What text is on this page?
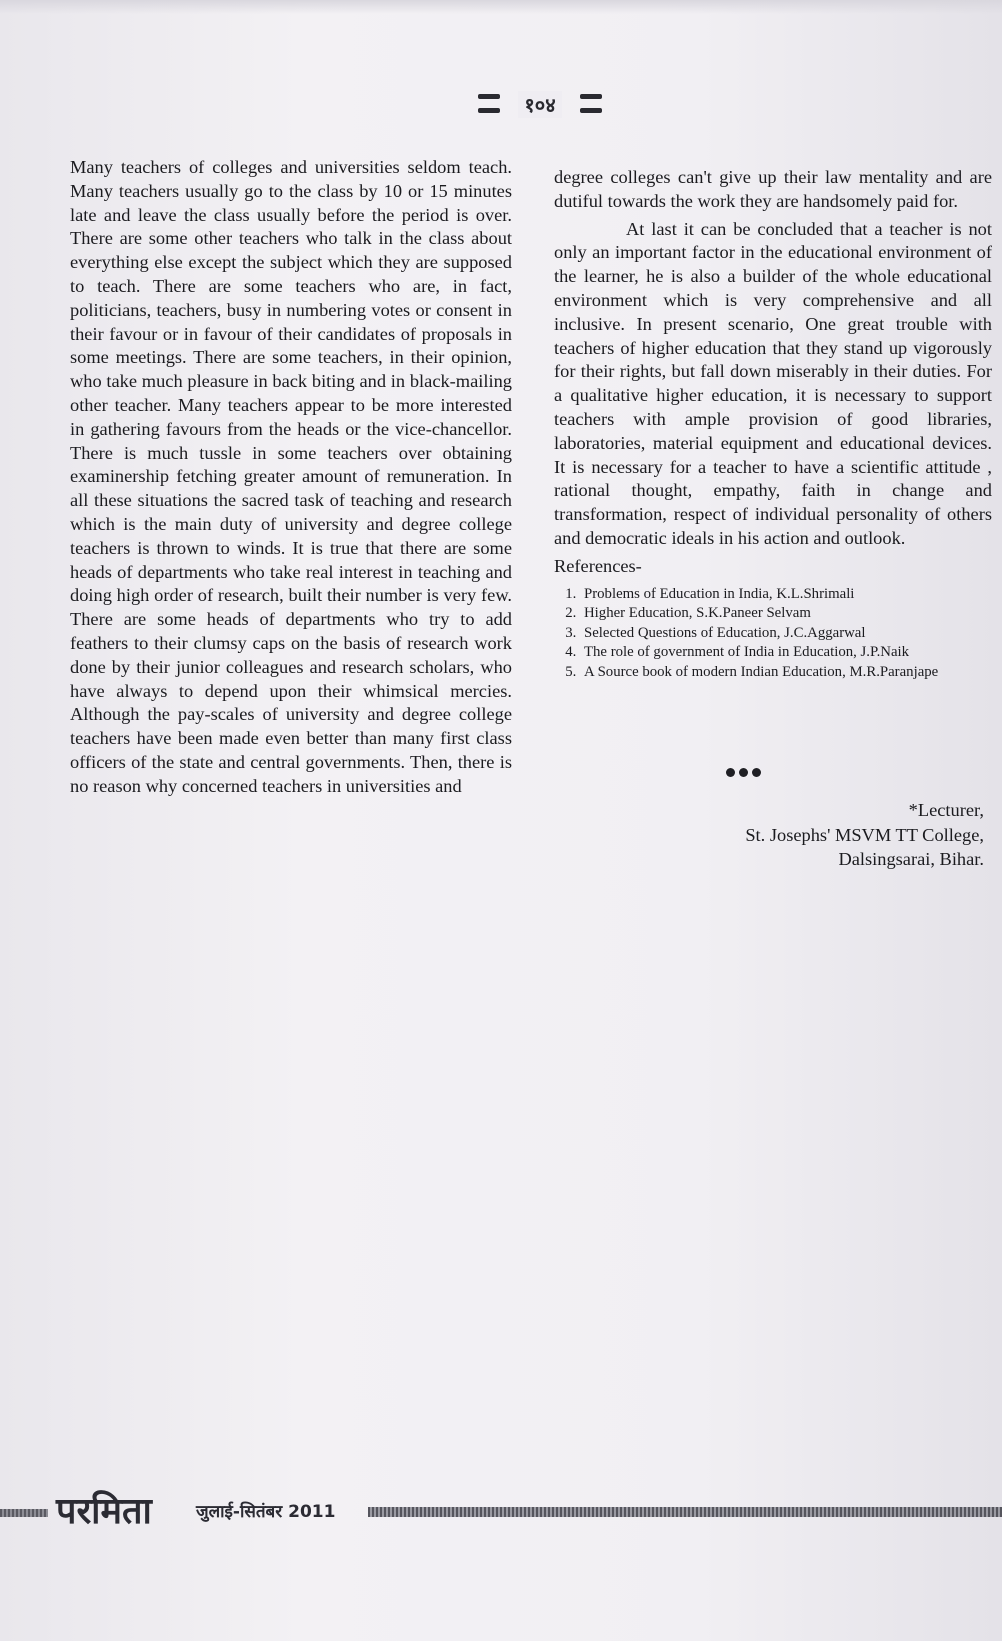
१०४

Many teachers of colleges and universities seldom teach. Many teachers usually go to the class by 10 or 15 minutes late and leave the class usually before the period is over. There are some other teachers who talk in the class about everything else except the subject which they are supposed to teach. There are some teachers who are, in fact, politicians, teachers, busy in numbering votes or consent in their favour or in favour of their candidates of proposals in some meetings. There are some teachers, in their opinion, who take much pleasure in back biting and in black-mailing other teacher. Many teachers appear to be more interested in gathering favours from the heads or the vice-chancellor. There is much tussle in some teachers over obtaining examinership fetching greater amount of remuneration. In all these situations the sacred task of teaching and research which is the main duty of university and degree college teachers is thrown to winds. It is true that there are some heads of departments who take real interest in teaching and doing high order of research, built their number is very few. There are some heads of departments who try to add feathers to their clumsy caps on the basis of research work done by their junior colleagues and research scholars, who have always to depend upon their whimsical mercies. Although the pay-scales of university and degree college teachers have been made even better than many first class officers of the state and central governments. Then, there is no reason why concerned teachers in universities and

degree colleges can't give up their law mentality and are dutiful towards the work they are handsomely paid for.

At last it can be concluded that a teacher is not only an important factor in the educational environment of the learner, he is also a builder of the whole educational environment which is very comprehensive and all inclusive. In present scenario, One great trouble with teachers of higher education that they stand up vigorously for their rights, but fall down miserably in their duties. For a qualitative higher education, it is necessary to support teachers with ample provision of good libraries, laboratories, material equipment and educational devices. It is necessary for a teacher to have a scientific attitude , rational thought, empathy, faith in change and transformation, respect of individual personality of others and democratic ideals in his action and outlook.

References-

1. Problems of Education in India, K.L.Shrimali
2. Higher Education, S.K.Paneer Selvam
3. Selected Questions of Education, J.C.Aggarwal
4. The role of government of India in Education, J.P.Naik
5. A Source book of modern Indian Education, M.R.Paranjape
*Lecturer,
St. Josephs' MSVM TT College,
Dalsingsarai, Bihar.
परमिता	जुलाई-सितंबर 2011
